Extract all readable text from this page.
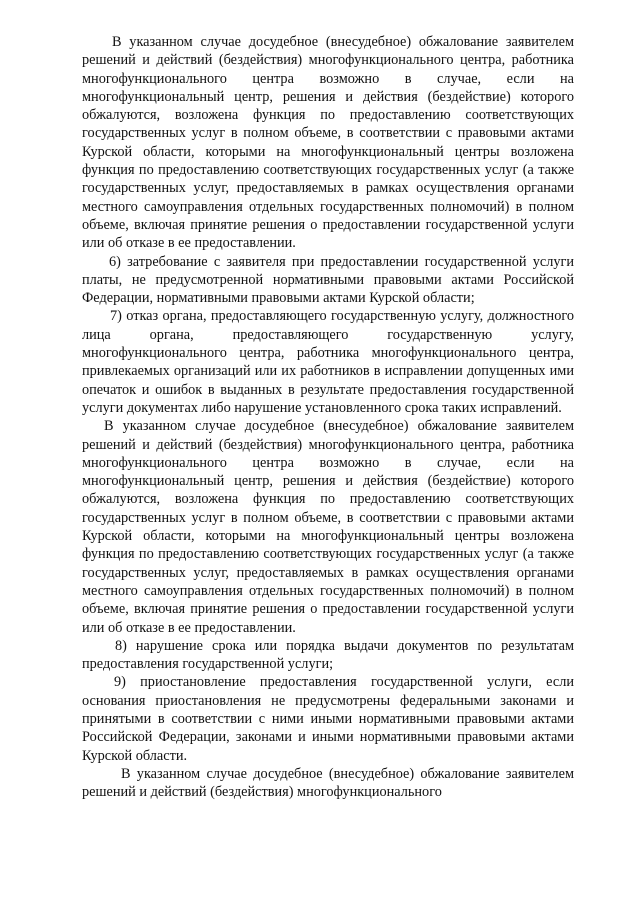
В указанном случае досудебное (внесудебное) обжалование заявителем решений и действий (бездействия) многофункционального центра, работника многофункционального центра возможно в случае, если на многофункциональный центр, решения и действия (бездействие) которого обжалуются, возложена функция по предоставлению соответствующих государственных услуг в полном объеме, в соответствии с правовыми актами Курской области, которыми на многофункциональный центры возложена функция по предоставлению соответствующих государственных услуг (а также государственных услуг, предоставляемых в рамках осуществления органами местного самоуправления отдельных государственных полномочий) в полном объеме, включая принятие решения о предоставлении государственной услуги или об отказе в ее предоставлении.

6) затребование с заявителя при предоставлении государственной услуги платы, не предусмотренной нормативными правовыми актами Российской Федерации, нормативными правовыми актами Курской области;

7) отказ органа, предоставляющего государственную услугу, должностного лица органа, предоставляющего государственную услугу, многофункционального центра, работника многофункционального центра, привлекаемых организаций или их работников в исправлении допущенных ими опечаток и ошибок в выданных в результате предоставления государственной услуги документах либо нарушение установленного срока таких исправлений.

В указанном случае досудебное (внесудебное) обжалование заявителем решений и действий (бездействия) многофункционального центра, работника многофункционального центра возможно в случае, если на многофункциональный центр, решения и действия (бездействие) которого обжалуются, возложена функция по предоставлению соответствующих государственных услуг в полном объеме, в соответствии с правовыми актами Курской области, которыми на многофункциональный центры возложена функция по предоставлению соответствующих государственных услуг (а также государственных услуг, предоставляемых в рамках осуществления органами местного самоуправления отдельных государственных полномочий) в полном объеме, включая принятие решения о предоставлении государственной услуги или об отказе в ее предоставлении.

8) нарушение срока или порядка выдачи документов по результатам предоставления государственной услуги;

9) приостановление предоставления государственной услуги, если основания приостановления не предусмотрены федеральными законами и принятыми в соответствии с ними иными нормативными правовыми актами Российской Федерации, законами и иными нормативными правовыми актами Курской области.

В указанном случае досудебное (внесудебное) обжалование заявителем решений и действий (бездействия) многофункционального
